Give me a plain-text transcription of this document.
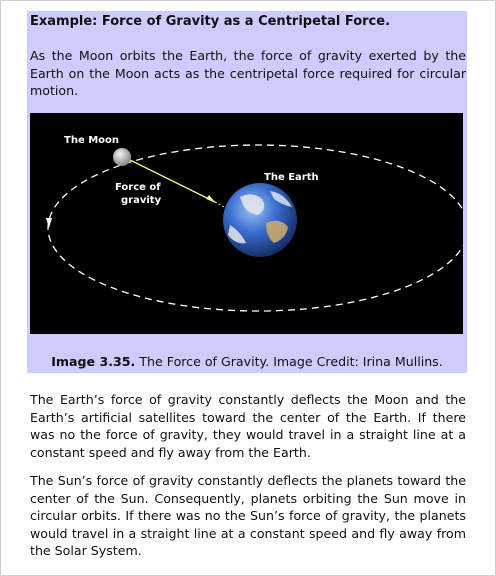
Example: Force of Gravity as a Centripetal Force.
As the Moon orbits the Earth, the force of gravity exerted by the Earth on the Moon acts as the centripetal force required for circular motion.
The Moon
The Earth
Force of
gravity
Image 3.35. The Force of Gravity. Image Credit: Irina Mullins.
The Earth’s force of gravity constantly deflects the Moon and the Earth’s artificial satellites toward the center of the Earth. If there was no the force of gravity, they would travel in a straight line at a constant speed and fly away from the Earth.
The Sun’s force of gravity constantly deflects the planets toward the center of the Sun. Consequently, planets orbiting the Sun move in circular orbits. If there was no the Sun’s force of gravity, the planets would travel in a straight line at a constant speed and fly away from the Solar System.
